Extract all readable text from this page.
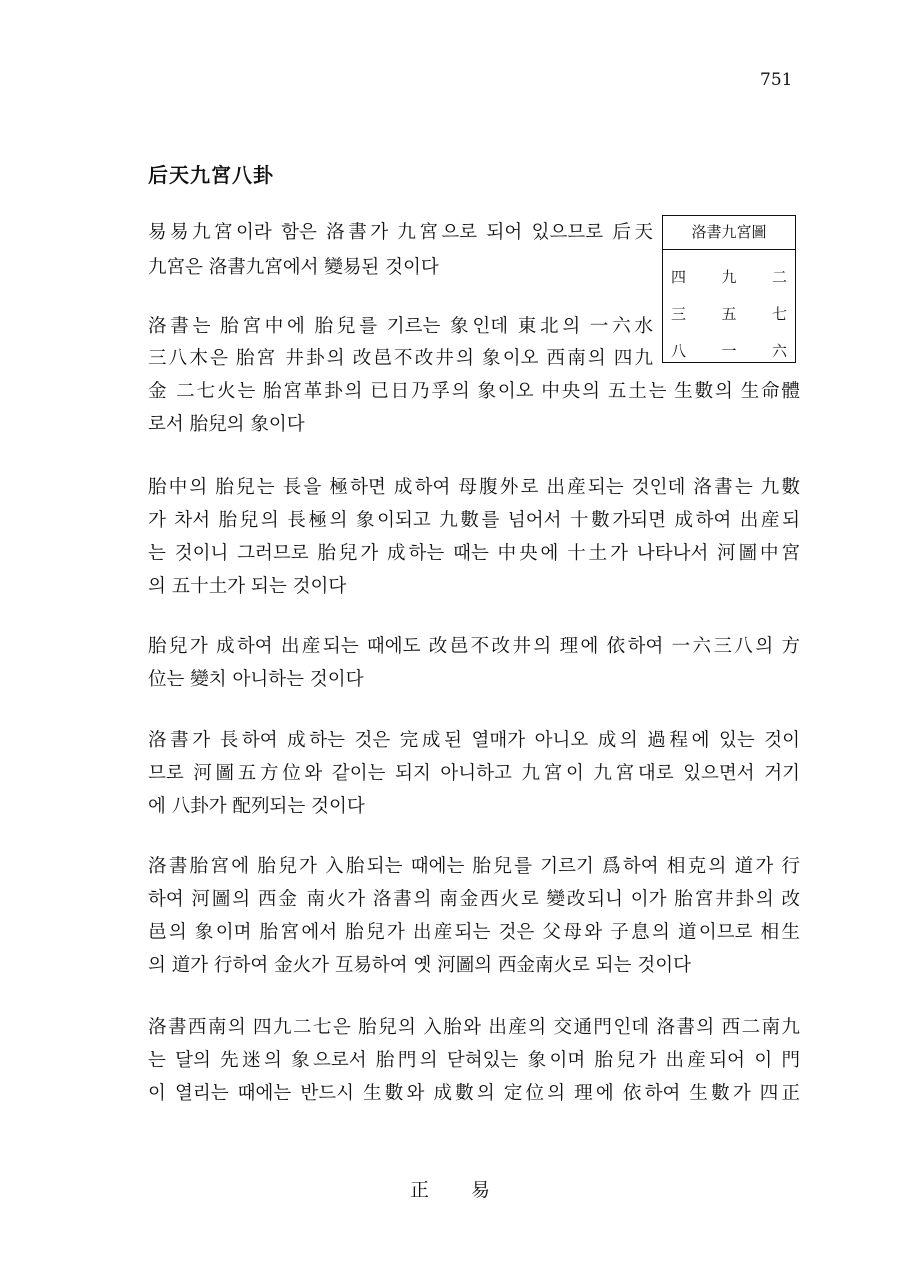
751
后天九宮八卦
洛書九宮圖
四	九	二
三	五	七
八	一	六
易易九宮이라 함은 洛書가 九宮으로 되어 있으므로 后天
九宮은 洛書九宮에서 變易된 것이다
洛書는 胎宮中에 胎兒를 기르는 象인데 東北의 一六水
三八木은 胎宮 井卦의 改邑不改井의 象이오 西南의 四九
金 二七火는 胎宮革卦의 已日乃孚의 象이오 中央의 五土는 生數의 生命體
로서 胎兒의 象이다
胎中의 胎兒는 長을 極하면 成하여 母腹外로 出産되는 것인데 洛書는 九數
가 차서 胎兒의 長極의 象이되고 九數를 넘어서 十數가되면 成하여 出産되
는 것이니 그러므로 胎兒가 成하는 때는 中央에 十土가 나타나서 河圖中宮
의 五十土가 되는 것이다
胎兒가 成하여 出産되는 때에도 改邑不改井의 理에 依하여 一六三八의 方
位는 變치 아니하는 것이다
洛書가 長하여 成하는 것은 完成된 열매가 아니오 成의 過程에 있는 것이
므로 河圖五方位와 같이는 되지 아니하고 九宮이 九宮대로 있으면서 거기
에 八卦가 配列되는 것이다
洛書胎宮에 胎兒가 入胎되는 때에는 胎兒를 기르기 爲하여 相克의 道가 行
하여 河圖의 西金 南火가 洛書의 南金西火로 變改되니 이가 胎宮井卦의 改
邑의 象이며 胎宮에서 胎兒가 出産되는 것은 父母와 子息의 道이므로 相生
의 道가 行하여 金火가 互易하여 옛 河圖의 西金南火로 되는 것이다
洛書西南의 四九二七은 胎兒의 入胎와 出産의 交通門인데 洛書의 西二南九
는 달의 先迷의 象으로서 胎門의 닫혀있는 象이며 胎兒가 出産되어 이 門
이 열리는 때에는 반드시 生數와 成數의 定位의 理에 依하여 生數가 四正
正 易
